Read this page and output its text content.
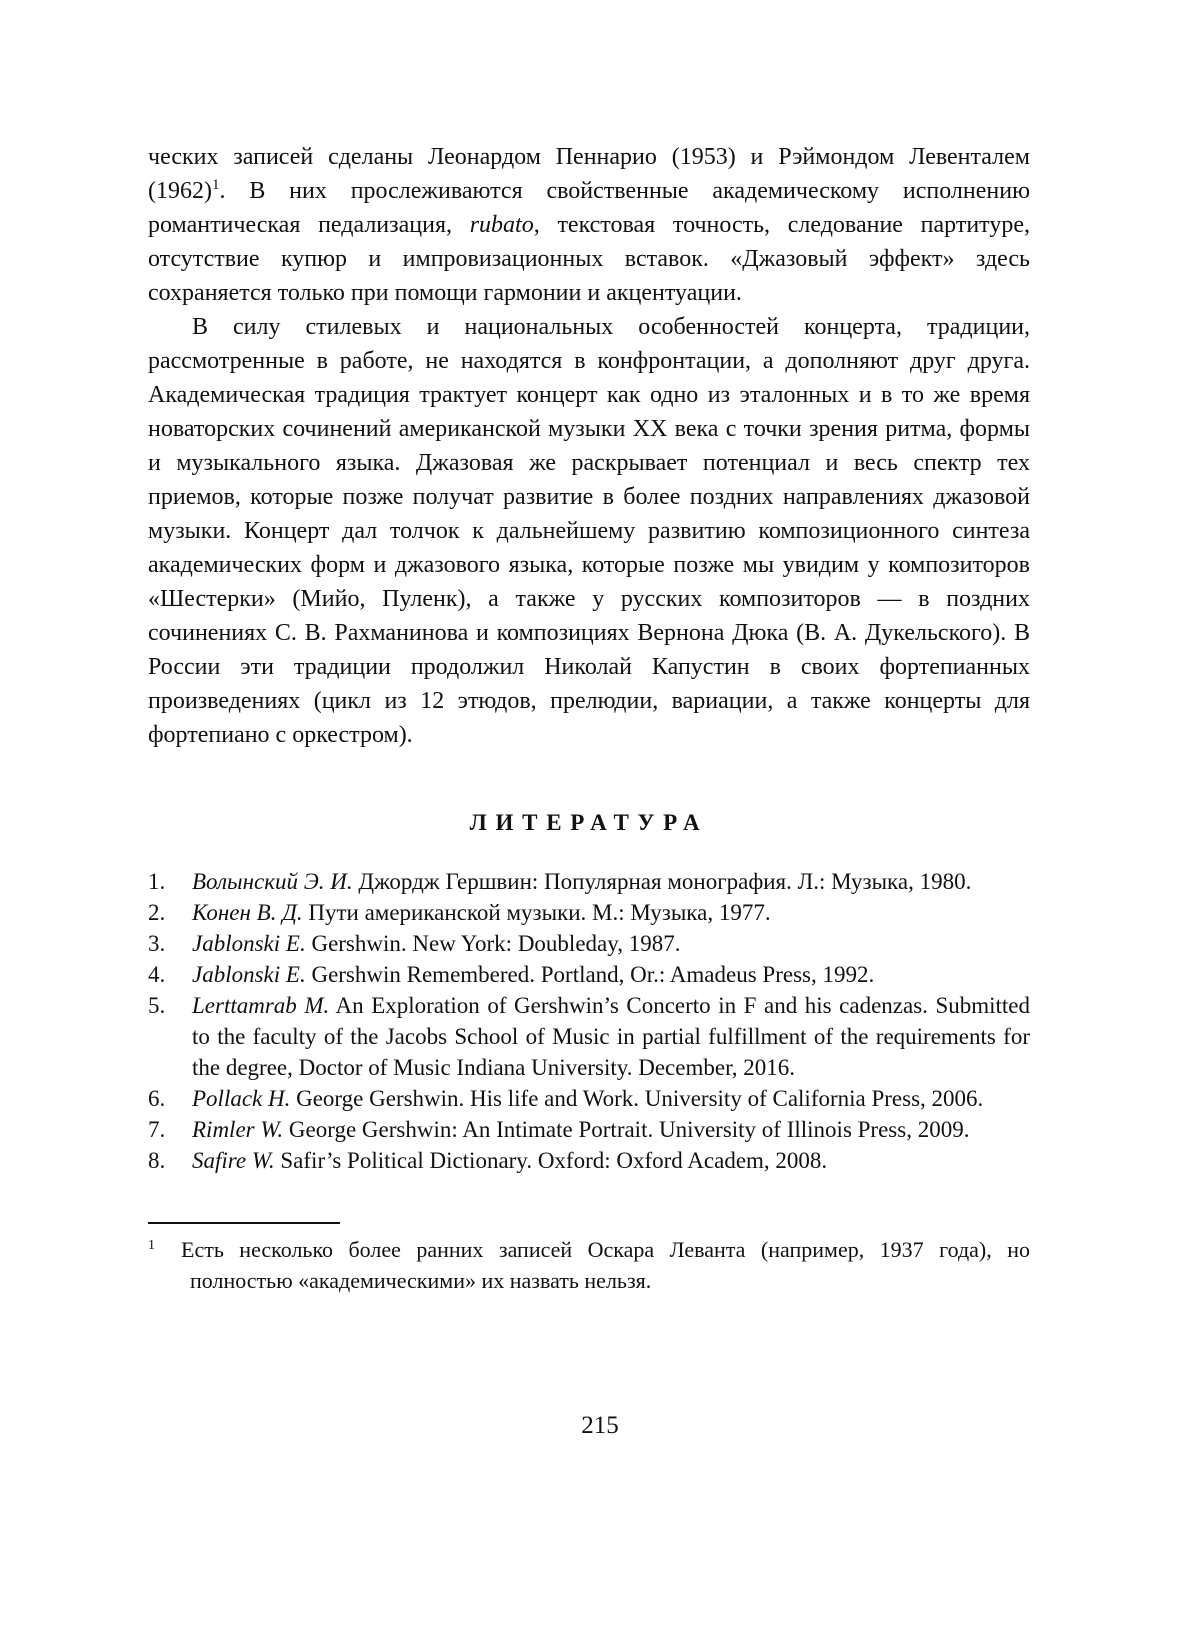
ческих записей сделаны Леонардом Пеннарио (1953) и Рэймондом Левенталем (1962)$^1$. В них прослеживаются свойственные академическому исполнению романтическая педализация, rubato, текстовая точность, следование партитуре, отсутствие купюр и импровизационных вставок. «Джазовый эффект» здесь сохраняется только при помощи гармонии и акцентуации.

В силу стилевых и национальных особенностей концерта, традиции, рассмотренные в работе, не находятся в конфронтации, а дополняют друг друга. Академическая традиция трактует концерт как одно из эталонных и в то же время новаторских сочинений американской музыки XX века с точки зрения ритма, формы и музыкального языка. Джазовая же раскрывает потенциал и весь спектр тех приемов, которые позже получат развитие в более поздних направлениях джазовой музыки. Концерт дал толчок к дальнейшему развитию композиционного синтеза академических форм и джазового языка, которые позже мы увидим у композиторов «Шестерки» (Мийо, Пуленк), а также у русских композиторов — в поздних сочинениях С. В. Рахманинова и композициях Вернона Дюка (В. А. Дукельского). В России эти традиции продолжил Николай Капустин в своих фортепианных произведениях (цикл из 12 этюдов, прелюдии, вариации, а также концерты для фортепиано с оркестром).

ЛИТЕРАТУРА
1.	Волынский Э. И. Джордж Гершвин: Популярная монография. Л.: Музыка, 1980.
2.	Конен В. Д. Пути американской музыки. М.: Музыка, 1977.
3.	Jablonski E. Gershwin. New York: Doubleday, 1987.
4.	Jablonski E. Gershwin Remembered. Portland, Or.: Amadeus Press, 1992.
5.	Lerttamrab M. An Exploration of Gershwin’s Concerto in F and his cadenzas. Submitted to the faculty of the Jacobs School of Music in partial fulfillment of the requirements for the degree, Doctor of Music Indiana University. December, 2016.
6.	Pollack H. George Gershwin. His life and Work. University of California Press, 2006.
7.	Rimler W. George Gershwin: An Intimate Portrait. University of Illinois Press, 2009.
8.	Safire W. Safir’s Political Dictionary. Oxford: Oxford Academ, 2008.

$^1$ Есть несколько более ранних записей Оскара Леванта (например, 1937 года), но полностью «академическими» их назвать нельзя.

215
